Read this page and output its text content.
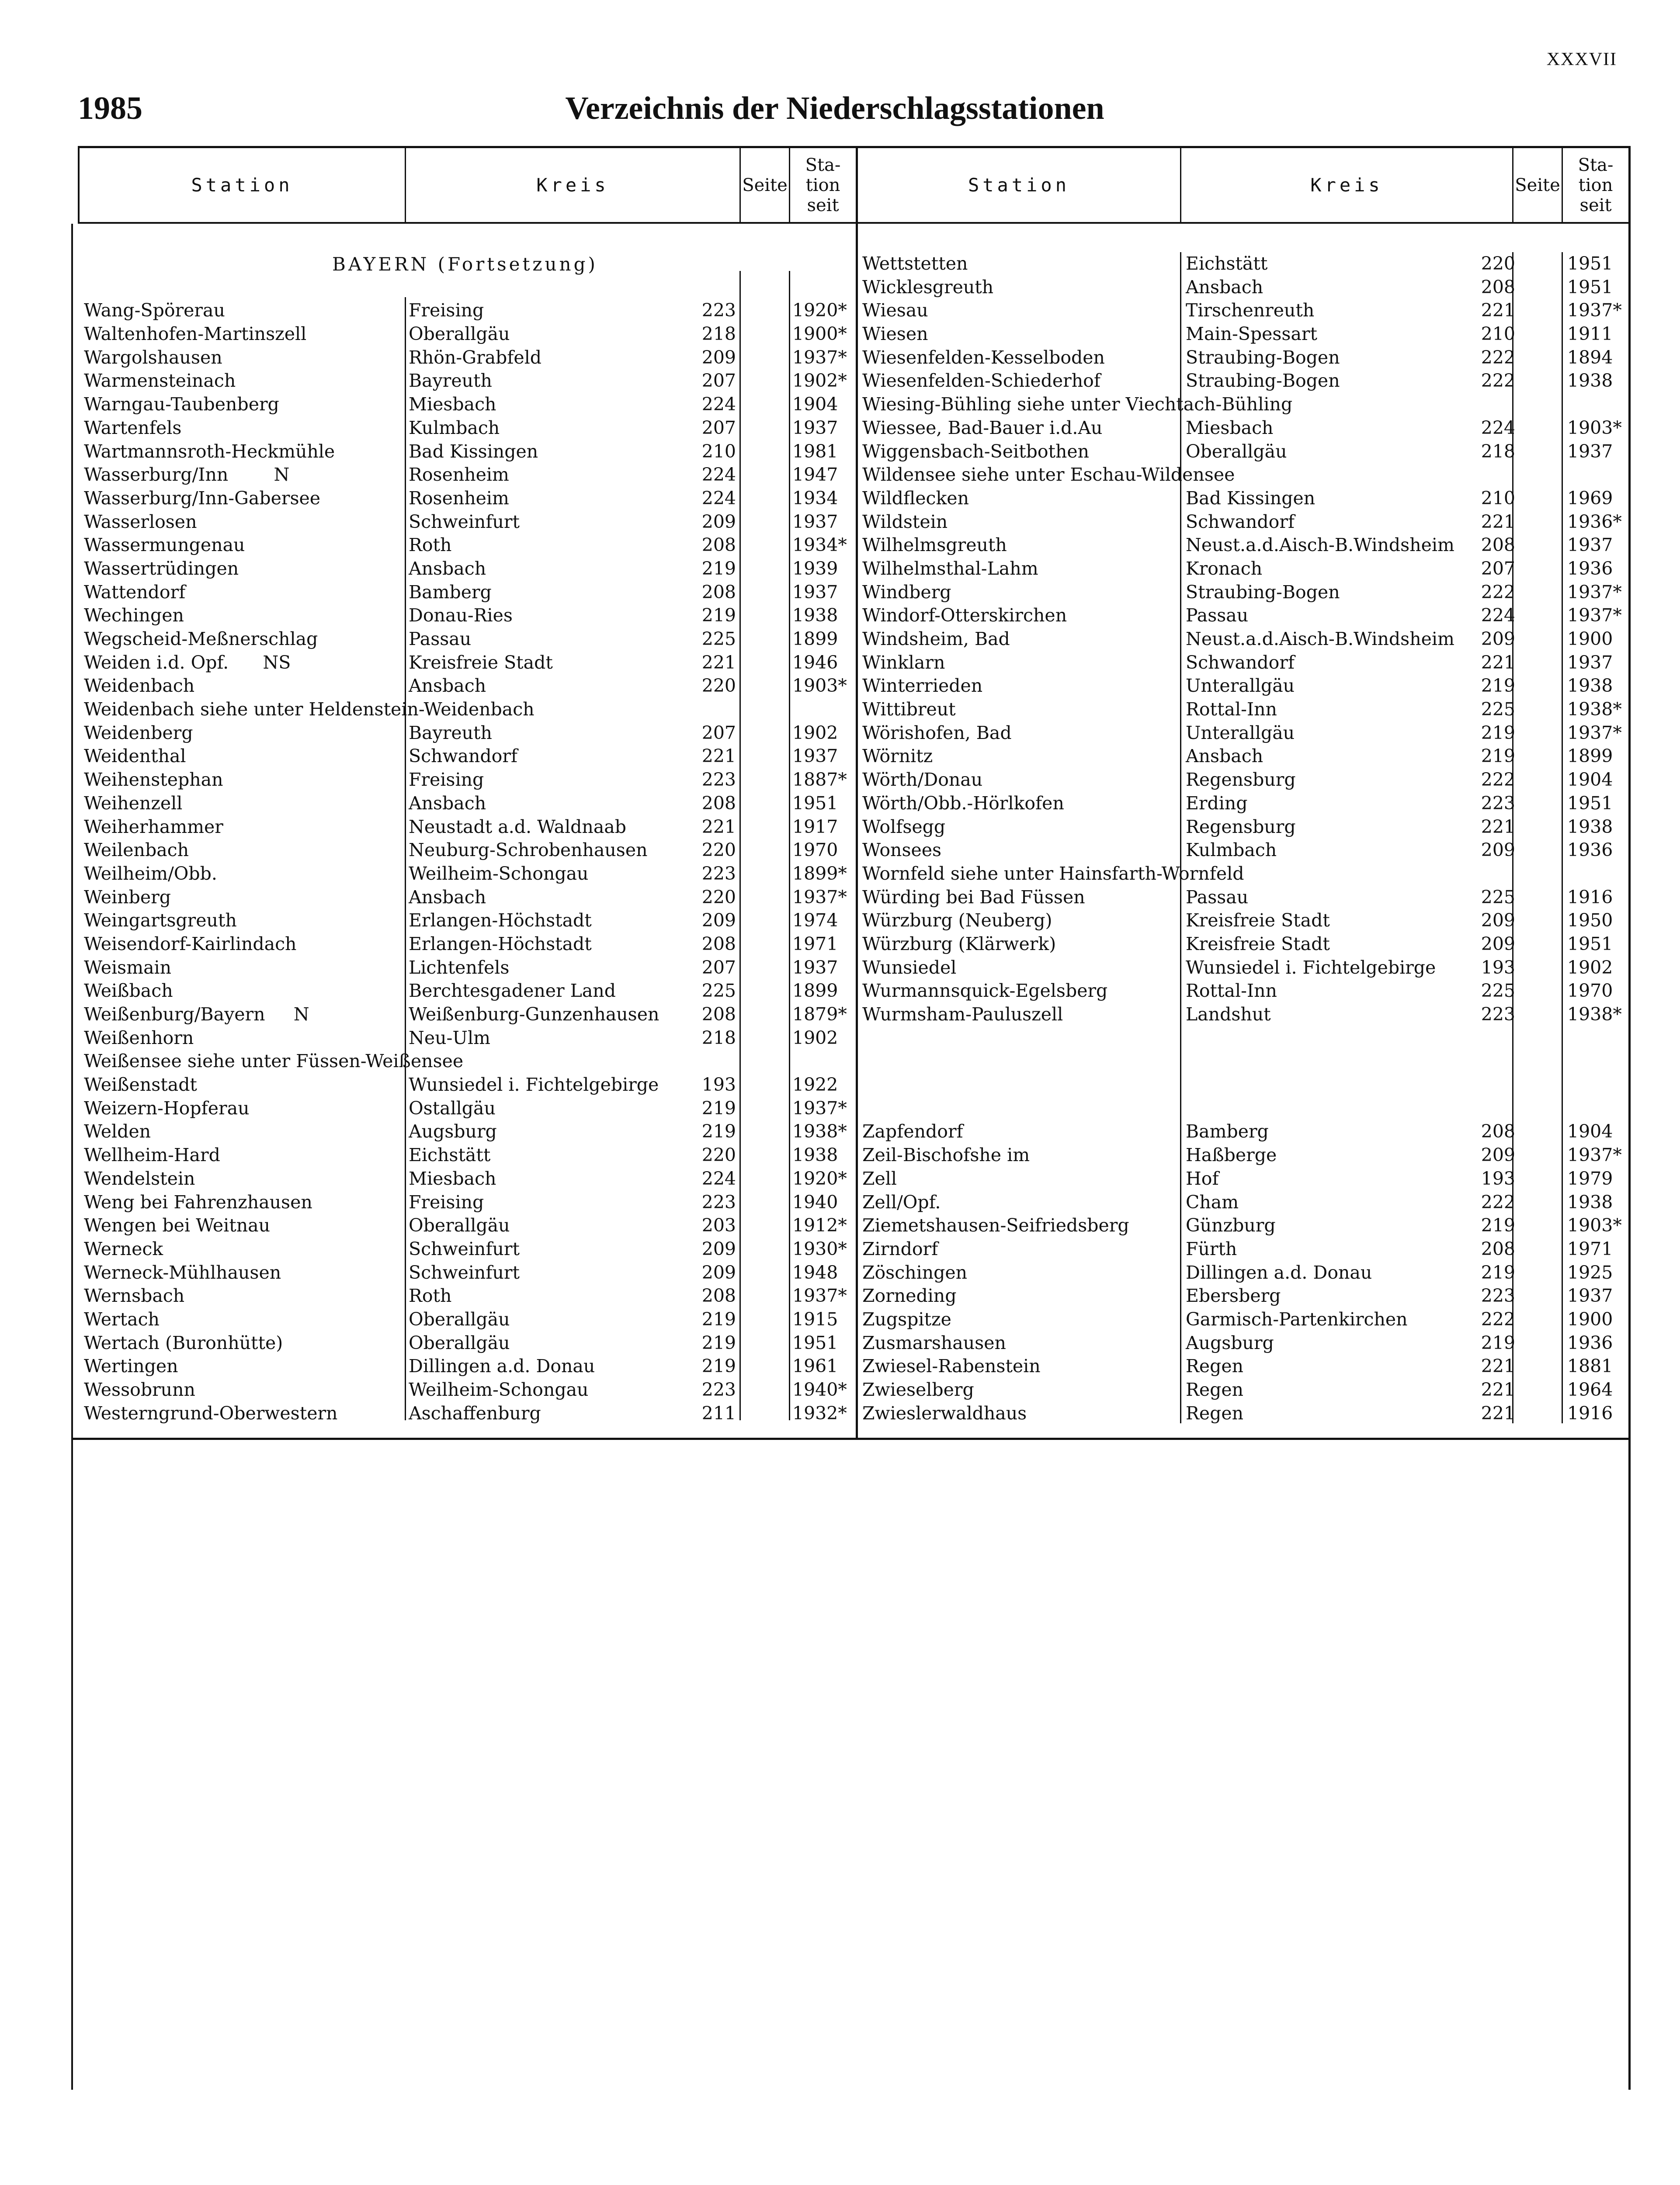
XXXVII
1985	Verzeichnis der Niederschlagsstationen
Station	Kreis	Seite
Sta-
tion
seit
Station	Kreis	Seite
Sta-
tion
seit
BAYERN (Fortsetzung)
Wang-Spörerau	Freising	223	1920*
Waltenhofen-Martinszell	Oberallgäu	218	1900*
Wargolshausen	Rhön-Grabfeld	209	1937*
Warmensteinach	Bayreuth	207	1902*
Warngau-Taubenberg	Miesbach	224	1904
Wartenfels	Kulmbach	207	1937
Wartmannsroth-Heckmühle	Bad Kissingen	210	1981
Wasserburg/Inn        N	Rosenheim	224	1947
Wasserburg/Inn-Gabersee	Rosenheim	224	1934
Wasserlosen	Schweinfurt	209	1937
Wassermungenau	Roth	208	1934*
Wassertrüdingen	Ansbach	219	1939
Wattendorf	Bamberg	208	1937
Wechingen	Donau-Ries	219	1938
Wegscheid-Meßnerschlag	Passau	225	1899
Weiden i.d. Opf.      NS	Kreisfreie Stadt	221	1946
Weidenbach	Ansbach	220	1903*
Weidenbach siehe unter Heldenstein-Weidenbach
Weidenberg	Bayreuth	207	1902
Weidenthal	Schwandorf	221	1937
Weihenstephan	Freising	223	1887*
Weihenzell	Ansbach	208	1951
Weiherhammer	Neustadt a.d. Waldnaab	221	1917
Weilenbach	Neuburg-Schrobenhausen	220	1970
Weilheim/Obb.	Weilheim-Schongau	223	1899*
Weinberg	Ansbach	220	1937*
Weingartsgreuth	Erlangen-Höchstadt	209	1974
Weisendorf-Kairlindach	Erlangen-Höchstadt	208	1971
Weismain	Lichtenfels	207	1937
Weißbach	Berchtesgadener Land	225	1899
Weißenburg/Bayern     N	Weißenburg-Gunzenhausen	208	1879*
Weißenhorn	Neu-Ulm	218	1902
Weißensee siehe unter Füssen-Weißensee
Weißenstadt	Wunsiedel i. Fichtelgebirge	193	1922
Weizern-Hopferau	Ostallgäu	219	1937*
Welden	Augsburg	219	1938*
Wellheim-Hard	Eichstätt	220	1938
Wendelstein	Miesbach	224	1920*
Weng bei Fahrenzhausen	Freising	223	1940
Wengen bei Weitnau	Oberallgäu	203	1912*
Werneck	Schweinfurt	209	1930*
Werneck-Mühlhausen	Schweinfurt	209	1948
Wernsbach	Roth	208	1937*
Wertach	Oberallgäu	219	1915
Wertach (Buronhütte)	Oberallgäu	219	1951
Wertingen	Dillingen a.d. Donau	219	1961
Wessobrunn	Weilheim-Schongau	223	1940*
Westerngrund-Oberwestern	Aschaffenburg	211	1932*
Wettstetten	Eichstätt	220	1951
Wicklesgreuth	Ansbach	208	1951
Wiesau	Tirschenreuth	221	1937*
Wiesen	Main-Spessart	210	1911
Wiesenfelden-Kesselboden	Straubing-Bogen	222	1894
Wiesenfelden-Schiederhof	Straubing-Bogen	222	1938
Wiesing-Bühling siehe unter Viechtach-Bühling
Wiessee, Bad-Bauer i.d.Au	Miesbach	224	1903*
Wiggensbach-Seitbothen	Oberallgäu	218	1937
Wildensee siehe unter Eschau-Wildensee
Wildflecken	Bad Kissingen	210	1969
Wildstein	Schwandorf	221	1936*
Wilhelmsgreuth	Neust.a.d.Aisch-B.Windsheim	208	1937
Wilhelmsthal-Lahm	Kronach	207	1936
Windberg	Straubing-Bogen	222	1937*
Windorf-Otterskirchen	Passau	224	1937*
Windsheim, Bad	Neust.a.d.Aisch-B.Windsheim	209	1900
Winklarn	Schwandorf	221	1937
Winterrieden	Unterallgäu	219	1938
Wittibreut	Rottal-Inn	225	1938*
Wörishofen, Bad	Unterallgäu	219	1937*
Wörnitz	Ansbach	219	1899
Wörth/Donau	Regensburg	222	1904
Wörth/Obb.-Hörlkofen	Erding	223	1951
Wolfsegg	Regensburg	221	1938
Wonsees	Kulmbach	209	1936
Wornfeld siehe unter Hainsfarth-Wornfeld
Würding bei Bad Füssen	Passau	225	1916
Würzburg (Neuberg)	Kreisfreie Stadt	209	1950
Würzburg (Klärwerk)	Kreisfreie Stadt	209	1951
Wunsiedel	Wunsiedel i. Fichtelgebirge	193	1902
Wurmannsquick-Egelsberg	Rottal-Inn	225	1970
Wurmsham-Pauluszell	Landshut	223	1938*
Zapfendorf	Bamberg	208	1904
Zeil-Bischofshe im	Haßberge	209	1937*
Zell	Hof	193	1979
Zell/Opf.	Cham	222	1938
Ziemetshausen-Seifriedsberg	Günzburg	219	1903*
Zirndorf	Fürth	208	1971
Zöschingen	Dillingen a.d. Donau	219	1925
Zorneding	Ebersberg	223	1937
Zugspitze	Garmisch-Partenkirchen	222	1900
Zusmarshausen	Augsburg	219	1936
Zwiesel-Rabenstein	Regen	221	1881
Zwieselberg	Regen	221	1964
Zwieslerwaldhaus	Regen	221	1916
